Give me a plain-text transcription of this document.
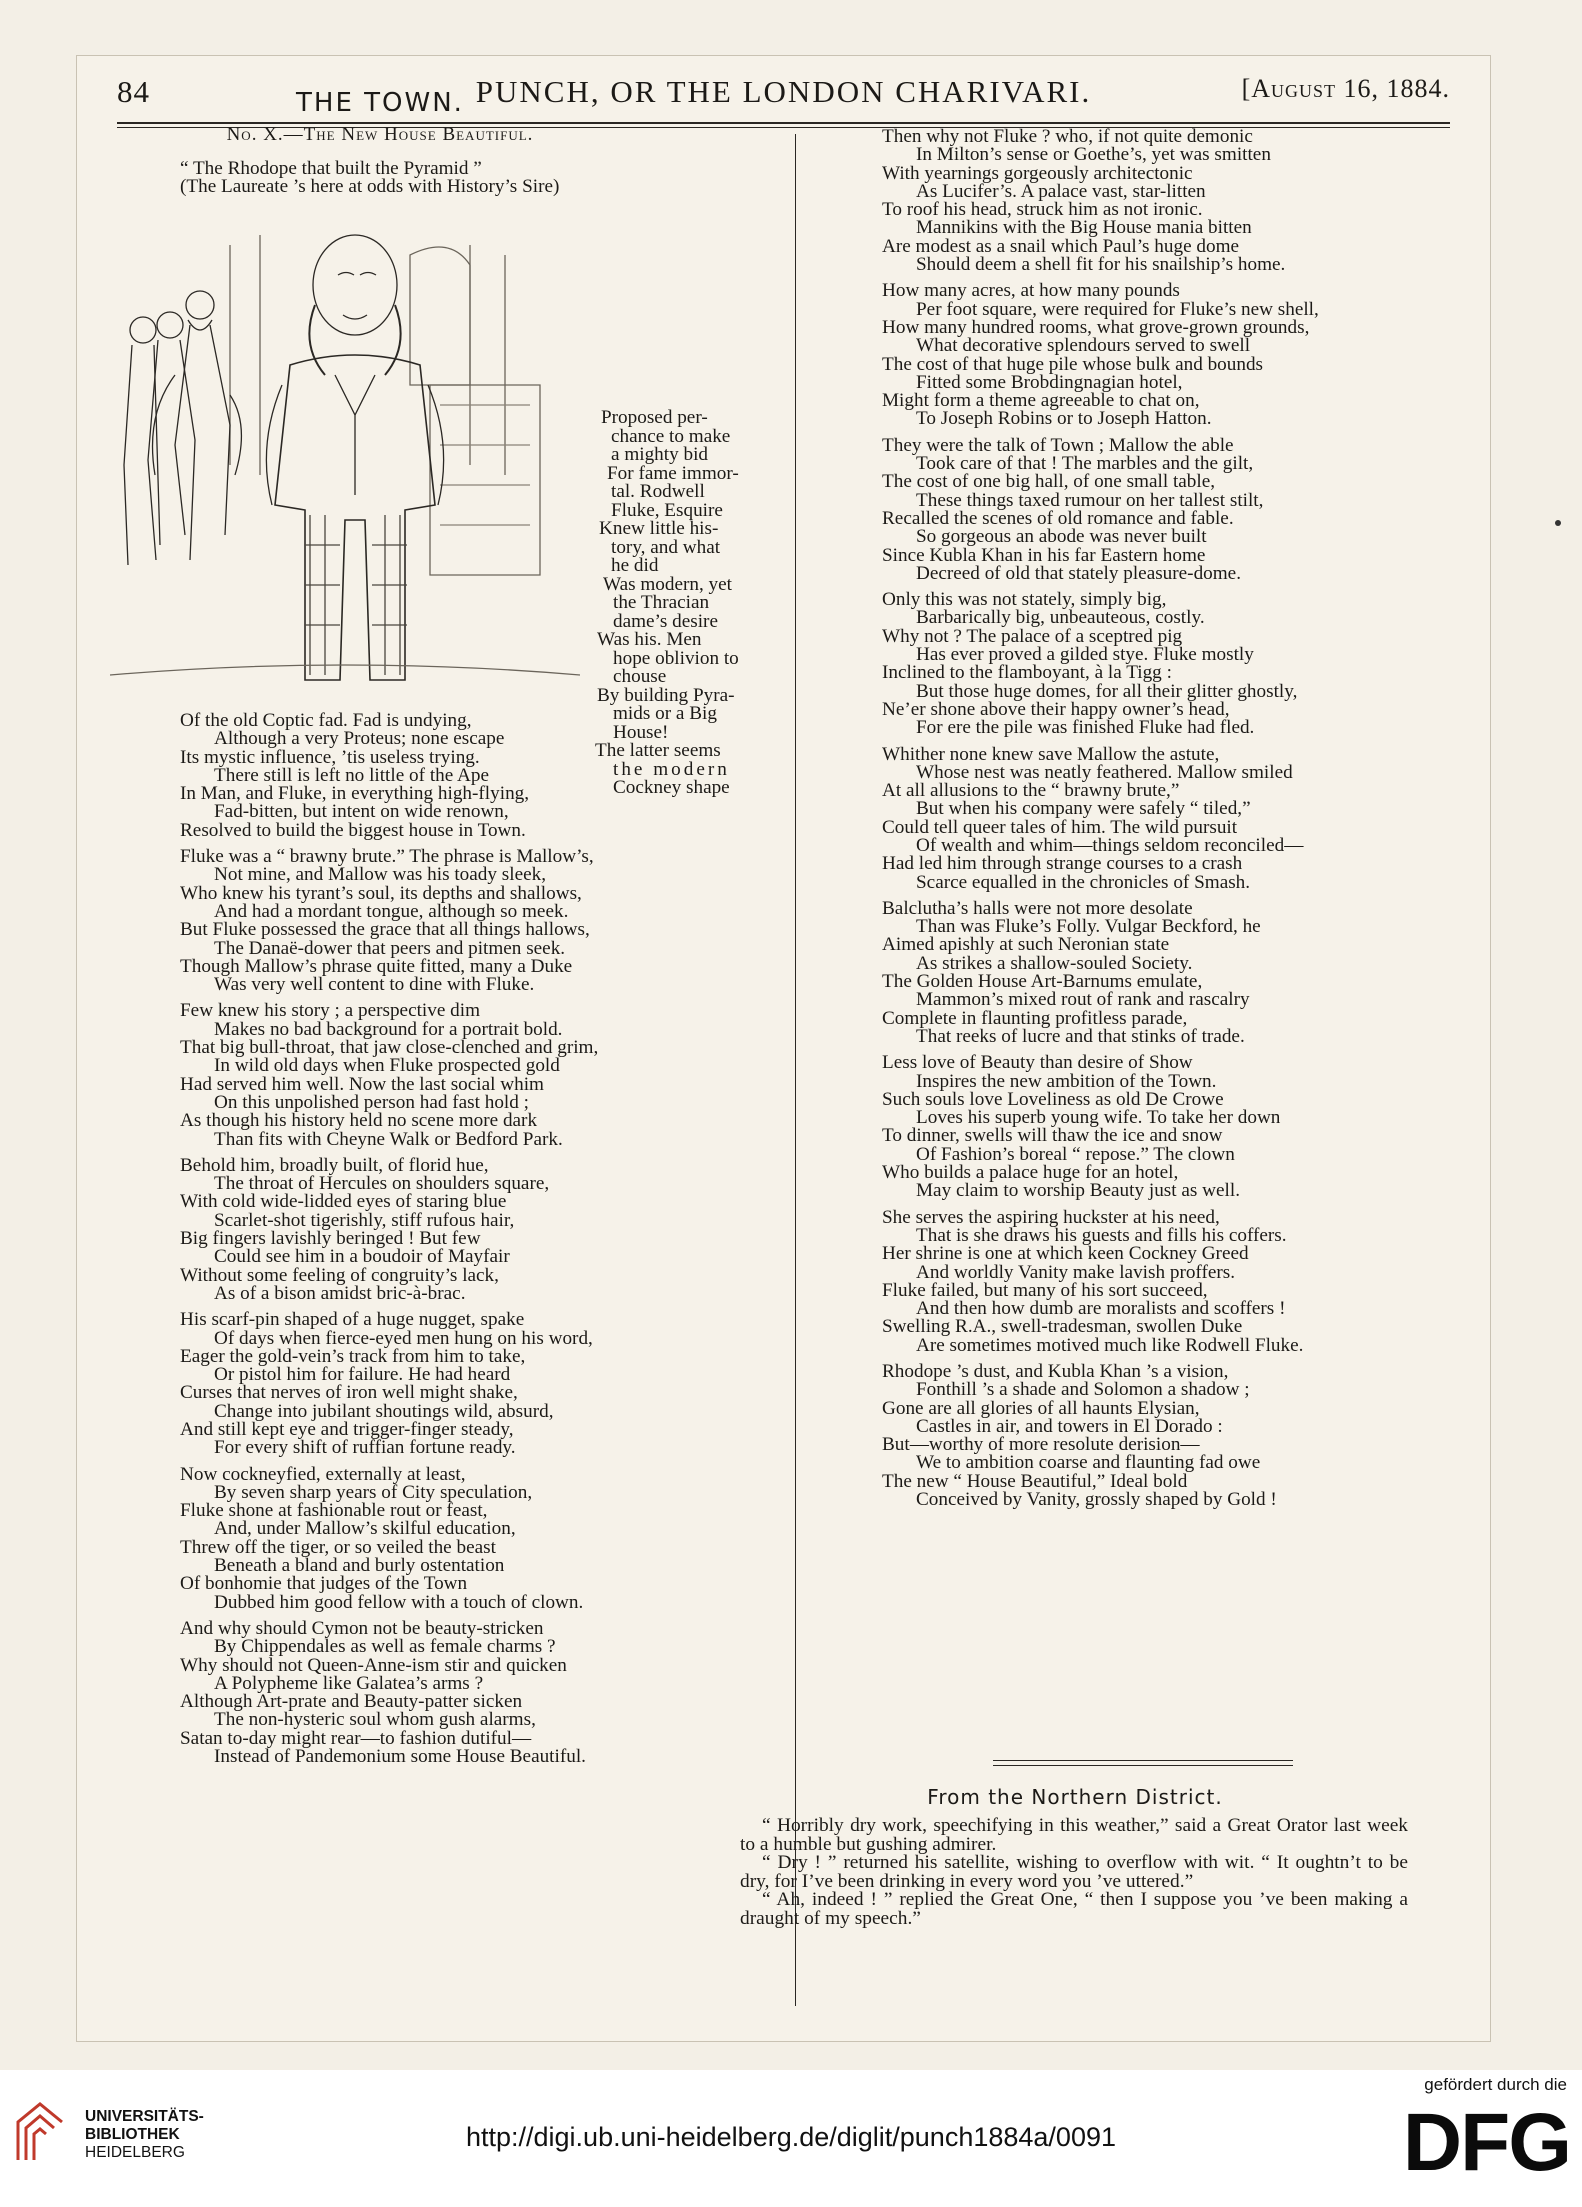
84	PUNCH, OR THE LONDON CHARIVARI.	[August 16, 1884.
THE TOWN.
No. X.—The New House Beautiful.

“ The Rhodope that built the Pyramid ”

(The Laureate ’s here at odds with History’s Sire)

Proposed per-

chance to make

a mighty bid

For fame immor-

tal. Rodwell

Fluke, Esquire

Knew little his-

tory, and what

he did

Was modern, yet

the Thracian

dame’s desire

Was his. Men

hope oblivion to

chouse

By building Pyra-

mids or a Big

House!

The latter seems

the modern

Cockney shape

Of the old Coptic fad. Fad is undying,

Although a very Proteus; none escape

Its mystic influence, ’tis useless trying.

There still is left no little of the Ape

In Man, and Fluke, in everything high-flying,

Fad-bitten, but intent on wide renown,

Resolved to build the biggest house in Town.

Fluke was a “ brawny brute.” The phrase is Mallow’s,

Not mine, and Mallow was his toady sleek,

Who knew his tyrant’s soul, its depths and shallows,

And had a mordant tongue, although so meek.

But Fluke possessed the grace that all things hallows,

The Danaë-dower that peers and pitmen seek.

Though Mallow’s phrase quite fitted, many a Duke

Was very well content to dine with Fluke.

Few knew his story ; a perspective dim

Makes no bad background for a portrait bold.

That big bull-throat, that jaw close-clenched and grim,

In wild old days when Fluke prospected gold

Had served him well. Now the last social whim

On this unpolished person had fast hold ;

As though his history held no scene more dark

Than fits with Cheyne Walk or Bedford Park.

Behold him, broadly built, of florid hue,

The throat of Hercules on shoulders square,

With cold wide-lidded eyes of staring blue

Scarlet-shot tigerishly, stiff rufous hair,

Big fingers lavishly beringed ! But few

Could see him in a boudoir of Mayfair

Without some feeling of congruity’s lack,

As of a bison amidst bric-à-brac.

His scarf-pin shaped of a huge nugget, spake

Of days when fierce-eyed men hung on his word,

Eager the gold-vein’s track from him to take,

Or pistol him for failure. He had heard

Curses that nerves of iron well might shake,

Change into jubilant shoutings wild, absurd,

And still kept eye and trigger-finger steady,

For every shift of ruffian fortune ready.

Now cockneyfied, externally at least,

By seven sharp years of City speculation,

Fluke shone at fashionable rout or feast,

And, under Mallow’s skilful education,

Threw off the tiger, or so veiled the beast

Beneath a bland and burly ostentation

Of bonhomie that judges of the Town

Dubbed him good fellow with a touch of clown.

And why should Cymon not be beauty-stricken

By Chippendales as well as female charms ?

Why should not Queen-Anne-ism stir and quicken

A Polypheme like Galatea’s arms ?

Although Art-prate and Beauty-patter sicken

The non-hysteric soul whom gush alarms,

Satan to-day might rear—to fashion dutiful—

Instead of Pandemonium some House Beautiful.

Then why not Fluke ? who, if not quite demonic

In Milton’s sense or Goethe’s, yet was smitten

With yearnings gorgeously architectonic

As Lucifer’s. A palace vast, star-litten

To roof his head, struck him as not ironic.

Mannikins with the Big House mania bitten

Are modest as a snail which Paul’s huge dome

Should deem a shell fit for his snailship’s home.

How many acres, at how many pounds

Per foot square, were required for Fluke’s new shell,

How many hundred rooms, what grove-grown grounds,

What decorative splendours served to swell

The cost of that huge pile whose bulk and bounds

Fitted some Brobdingnagian hotel,

Might form a theme agreeable to chat on,

To Joseph Robins or to Joseph Hatton.

They were the talk of Town ; Mallow the able

Took care of that ! The marbles and the gilt,

The cost of one big hall, of one small table,

These things taxed rumour on her tallest stilt,

Recalled the scenes of old romance and fable.

So gorgeous an abode was never built

Since Kubla Khan in his far Eastern home

Decreed of old that stately pleasure-dome.

Only this was not stately, simply big,

Barbarically big, unbeauteous, costly.

Why not ? The palace of a sceptred pig

Has ever proved a gilded stye. Fluke mostly

Inclined to the flamboyant, à la Tigg :

But those huge domes, for all their glitter ghostly,

Ne’er shone above their happy owner’s head,

For ere the pile was finished Fluke had fled.

Whither none knew save Mallow the astute,

Whose nest was neatly feathered. Mallow smiled

At all allusions to the “ brawny brute,”

But when his company were safely “ tiled,”

Could tell queer tales of him. The wild pursuit

Of wealth and whim—things seldom reconciled—

Had led him through strange courses to a crash

Scarce equalled in the chronicles of Smash.

Balclutha’s halls were not more desolate

Than was Fluke’s Folly. Vulgar Beckford, he

Aimed apishly at such Neronian state

As strikes a shallow-souled Society.

The Golden House Art-Barnums emulate,

Mammon’s mixed rout of rank and rascalry

Complete in flaunting profitless parade,

That reeks of lucre and that stinks of trade.

Less love of Beauty than desire of Show

Inspires the new ambition of the Town.

Such souls love Loveliness as old De Crowe

Loves his superb young wife. To take her down

To dinner, swells will thaw the ice and snow

Of Fashion’s boreal “ repose.” The clown

Who builds a palace huge for an hotel,

May claim to worship Beauty just as well.

She serves the aspiring huckster at his need,

That is she draws his guests and fills his coffers.

Her shrine is one at which keen Cockney Greed

And worldly Vanity make lavish proffers.

Fluke failed, but many of his sort succeed,

And then how dumb are moralists and scoffers !

Swelling R.A., swell-tradesman, swollen Duke

Are sometimes motived much like Rodwell Fluke.

Rhodope ’s dust, and Kubla Khan ’s a vision,

Fonthill ’s a shade and Solomon a shadow ;

Gone are all glories of all haunts Elysian,

Castles in air, and towers in El Dorado :

But—worthy of more resolute derision—

We to ambition coarse and flaunting fad owe

The new “ House Beautiful,” Ideal bold

Conceived by Vanity, grossly shaped by Gold !

From the Northern District.

“ Horribly dry work, speechifying in this weather,” said a Great Orator last week to a humble but gushing admirer.

“ Dry ! ” returned his satellite, wishing to overflow with wit. “ It oughtn’t to be dry, for I’ve been drinking in every word you ’ve uttered.”

“ Ah, indeed ! ” replied the Great One, “ then I suppose you ’ve been making a draught of my speech.”

UNIVERSITÄTS-
BIBLIOTHEK
HEIDELBERG
http://digi.ub.uni-heidelberg.de/diglit/punch1884a/0091
gefördert durch die
DFG
